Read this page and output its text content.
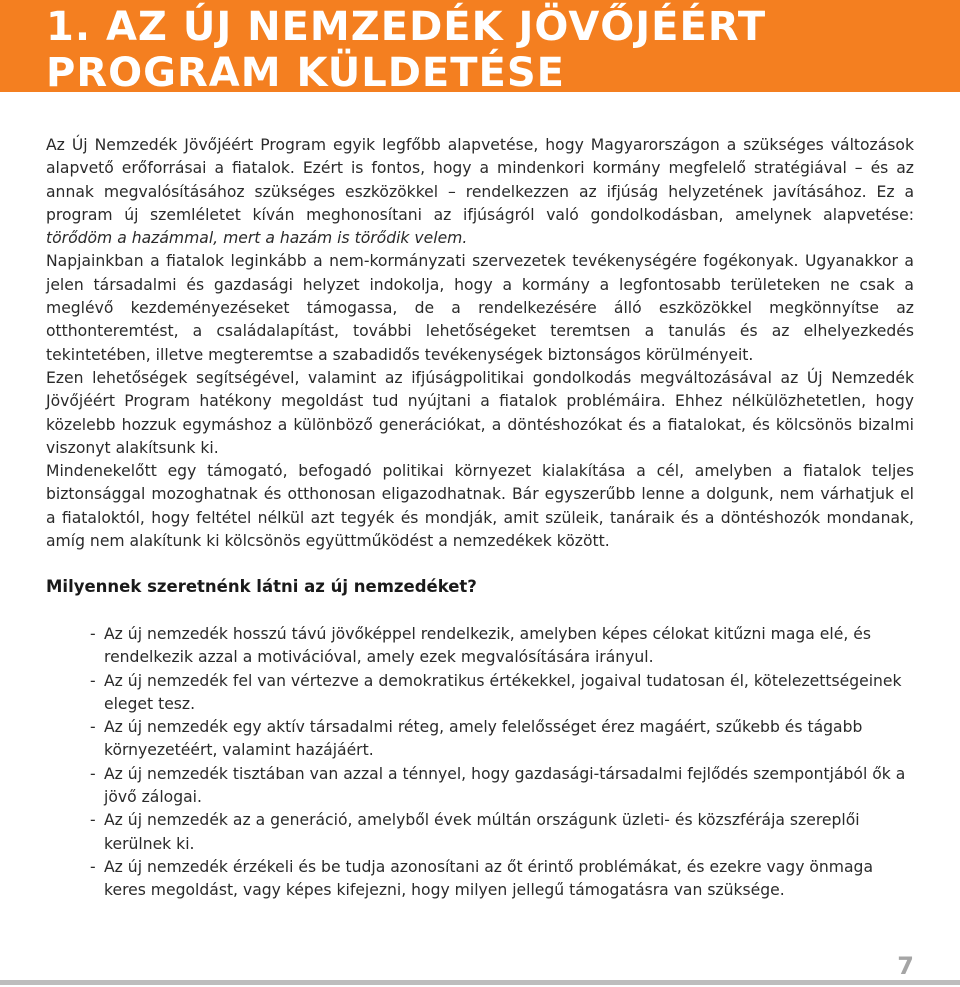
1. AZ ÚJ NEMZEDÉK JÖVŐJÉÉRT
PROGRAM KÜLDETÉSE

Az Új Nemzedék Jövőjéért Program egyik legfőbb alapvetése, hogy Magyarországon a szükséges változások alapvető erőforrásai a fiatalok. Ezért is fontos, hogy a mindenkori kormány megfelelő stratégiával – és az annak megvalósításához szükséges eszközökkel – rendelkezzen az ifjúság helyzetének javításához. Ez a program új szemléletet kíván meghonosítani az ifjúságról való gondolkodásban, amelynek alapvetése: törődöm a hazámmal, mert a hazám is törődik velem.

Napjainkban a fiatalok leginkább a nem-kormányzati szervezetek tevékenységére fogékonyak. Ugyanakkor a jelen társadalmi és gazdasági helyzet indokolja, hogy a kormány a legfontosabb területeken ne csak a meglévő kezdeményezéseket támogassa, de a rendelkezésére álló eszközökkel megkönnyítse az otthonteremtést, a családalapítást, további lehetőségeket teremtsen a tanulás és az elhelyezkedés tekintetében, illetve megteremtse a szabadidős tevékenységek biztonságos körülményeit.

Ezen lehetőségek segítségével, valamint az ifjúságpolitikai gondolkodás megváltozásával az Új Nemzedék Jövőjéért Program hatékony megoldást tud nyújtani a fiatalok problémáira. Ehhez nélkülözhetetlen, hogy közelebb hozzuk egymáshoz a különböző generációkat, a döntéshozókat és a fiatalokat, és kölcsönös bizalmi viszonyt alakítsunk ki.

Mindenekelőtt egy támogató, befogadó politikai környezet kialakítása a cél, amelyben a fiatalok teljes biztonsággal mozoghatnak és otthonosan eligazodhatnak. Bár egyszerűbb lenne a dolgunk, nem várhatjuk el a fiataloktól, hogy feltétel nélkül azt tegyék és mondják, amit szüleik, tanáraik és a döntéshozók mondanak, amíg nem alakítunk ki kölcsönös együttműködést a nemzedékek között.

Milyennek szeretnénk látni az új nemzedéket?
- Az új nemzedék hosszú távú jövőképpel rendelkezik, amelyben képes célokat kitűzni maga elé, és rendelkezik azzal a motivációval, amely ezek megvalósítására irányul.
- Az új nemzedék fel van vértezve a demokratikus értékekkel, jogaival tudatosan él, kötelezettségeinek eleget tesz.
- Az új nemzedék egy aktív társadalmi réteg, amely felelősséget érez magáért, szűkebb és tágabb környezetéért, valamint hazájáért.
- Az új nemzedék tisztában van azzal a ténnyel, hogy gazdasági-társadalmi fejlődés szempontjából ők a jövő zálogai.
- Az új nemzedék az a generáció, amelyből évek múltán országunk üzleti- és közszférája szereplői kerülnek ki.
- Az új nemzedék érzékeli és be tudja azonosítani az őt érintő problémákat, és ezekre vagy önmaga keres megoldást, vagy képes kifejezni, hogy milyen jellegű támogatásra van szüksége.
7
